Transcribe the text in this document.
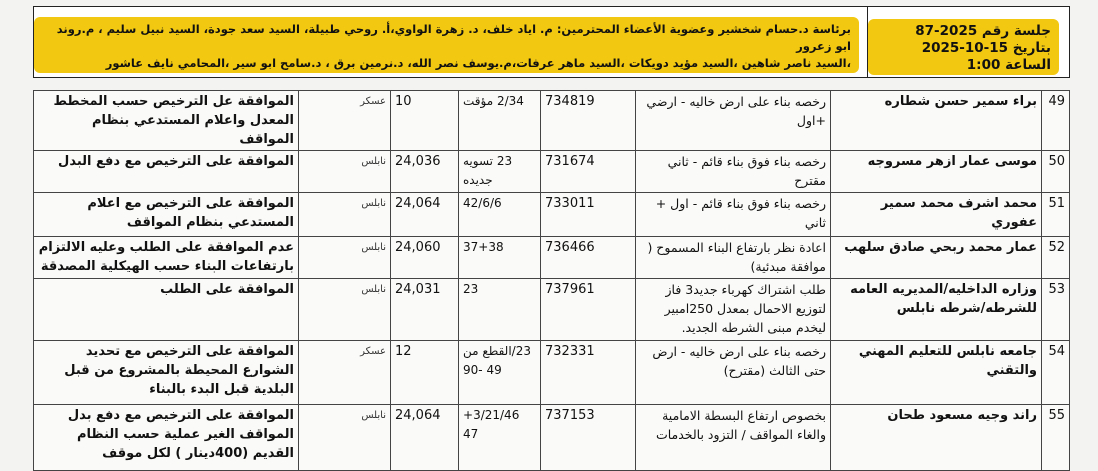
جلسة رقم 2025-87
بتاريخ 15-10-2025
الساعة 1:00
برئاسة د.حسام شخشير وعضوية الأعضاء المحترمين: م. اياد خلف، د. زهرة الواوي،أ. روحي طبيلة، السيد سعد جودة، السيد نبيل سليم ، م.روند ابو زعرور
،السيد ناصر شاهين ،السيد مؤيد دويكات ،السيد ماهر عرفات،م.يوسف نصر الله، د.نرمين برق ، د.سامح ابو سير ،المحامي نايف عاشور
49	براء سمير حسن شطاره	رخصه بناء على ارض خاليه - ارضي +اول	734819	2/34 مؤقت	10	عسكر	الموافقة عل الترخيص حسب المخطط المعدل واعلام المستدعي بنظام المواقف
50	موسى عمار ازهر مسروجه	رخصه بناء فوق بناء قائم - ثاني مقترح	731674	23 تسويه جديده	24,036	نابلس	الموافقة على الترخيص مع دفع البدل
51	محمد اشرف محمد سمير عفوري	رخصه بناء فوق بناء قائم - اول + ثاني	733011	42/6/6	24,064	نابلس	الموافقة على الترخيص مع اعلام المستدعي بنظام المواقف
52	عمار محمد ربحي صادق سلهب	اعادة نظر بارتفاع البناء المسموح ( موافقة مبدئية)	736466	37+38	24,060	نابلس	عدم الموافقة على الطلب وعليه الالتزام بارتفاعات البناء حسب الهيكلية المصدقة
53	وزاره الداخليه/المديريه العامه للشرطه/شرطه نابلس	طلب اشتراك كهرباء جديد3 فاز لتوزيع الاحمال بمعدل 250امبير ليخدم مبنى الشرطه الجديد.	737961	23	24,031	نابلس	الموافقة على الطلب
54	جامعه نابلس للتعليم المهني والتقني	رخصه بناء على ارض خاليه - ارض حتى الثالث (مقترح)	732331	23/القطع من 49 -90	12	عسكر	الموافقة على الترخيص مع تحديد الشوارع المحيطة بالمشروع من قبل البلدية قبل البدء بالبناء
55	راند وجيه مسعود طحان	بخصوص ارتفاع البسطة الامامية والغاء المواقف / التزود بالخدمات	737153	3/21/46+ 47	24,064	نابلس	الموافقة على الترخيص مع دفع بدل المواقف الغير عملية حسب النظام القديم (400دينار ) لكل موقف
